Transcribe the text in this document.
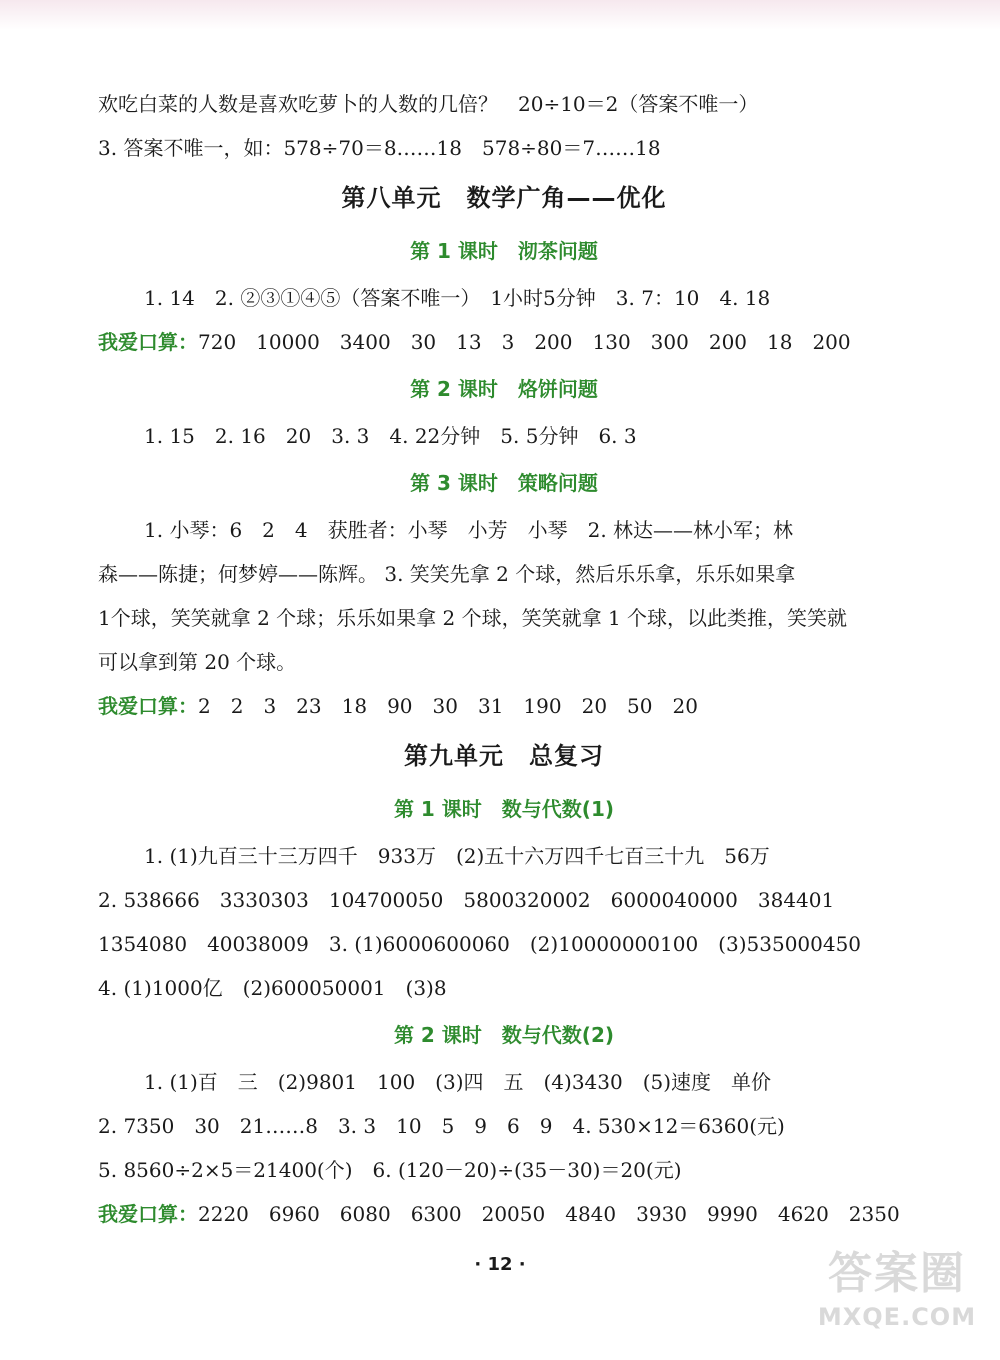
欢吃白菜的人数是喜欢吃萝卜的人数的几倍？　20÷10＝2（答案不唯一）
3. 答案不唯一，如：578÷70＝8……18　578÷80＝7……18
第八单元　数学广角——优化
第 1 课时　沏茶问题
1. 14　2. ②③①④⑤（答案不唯一）　1小时5分钟　3. 7：10　4. 18
我爱口算：720　10000　3400　30　13　3　200　130　300　200　18　200
第 2 课时　烙饼问题
1. 15　2. 16　20　3. 3　4. 22分钟　5. 5分钟　6. 3
第 3 课时　策略问题
1. 小琴：6　2　4　获胜者：小琴　小芳　小琴　2. 林达——林小军；林
森——陈捷；何梦婷——陈辉。 3. 笑笑先拿 2 个球，然后乐乐拿，乐乐如果拿
1个球，笑笑就拿 2 个球；乐乐如果拿 2 个球，笑笑就拿 1 个球，以此类推，笑笑就
可以拿到第 20 个球。
我爱口算：2　2　3　23　18　90　30　31　190　20　50　20
第九单元　总复习
第 1 课时　数与代数(1)
1. (1)九百三十三万四千　933万　(2)五十六万四千七百三十九　56万
2. 538666　3330303　104700050　5800320002　6000040000　384401
1354080　40038009　3. (1)6000600060　(2)10000000100　(3)535000450
4. (1)1000亿　(2)600050001　(3)8
第 2 课时　数与代数(2)
1. (1)百　三　(2)9801　100　(3)四　五　(4)3430　(5)速度　单价
2. 7350　30　21……8　3. 3　10　5　9　6　9　4. 530×12＝6360(元)
5. 8560÷2×5＝21400(个)　6. (120－20)÷(35－30)＝20(元)
我爱口算：2220　6960　6080　6300　20050　4840　3930　9990　4620　2350
· 12 ·	答案圈
MXQE.COM
